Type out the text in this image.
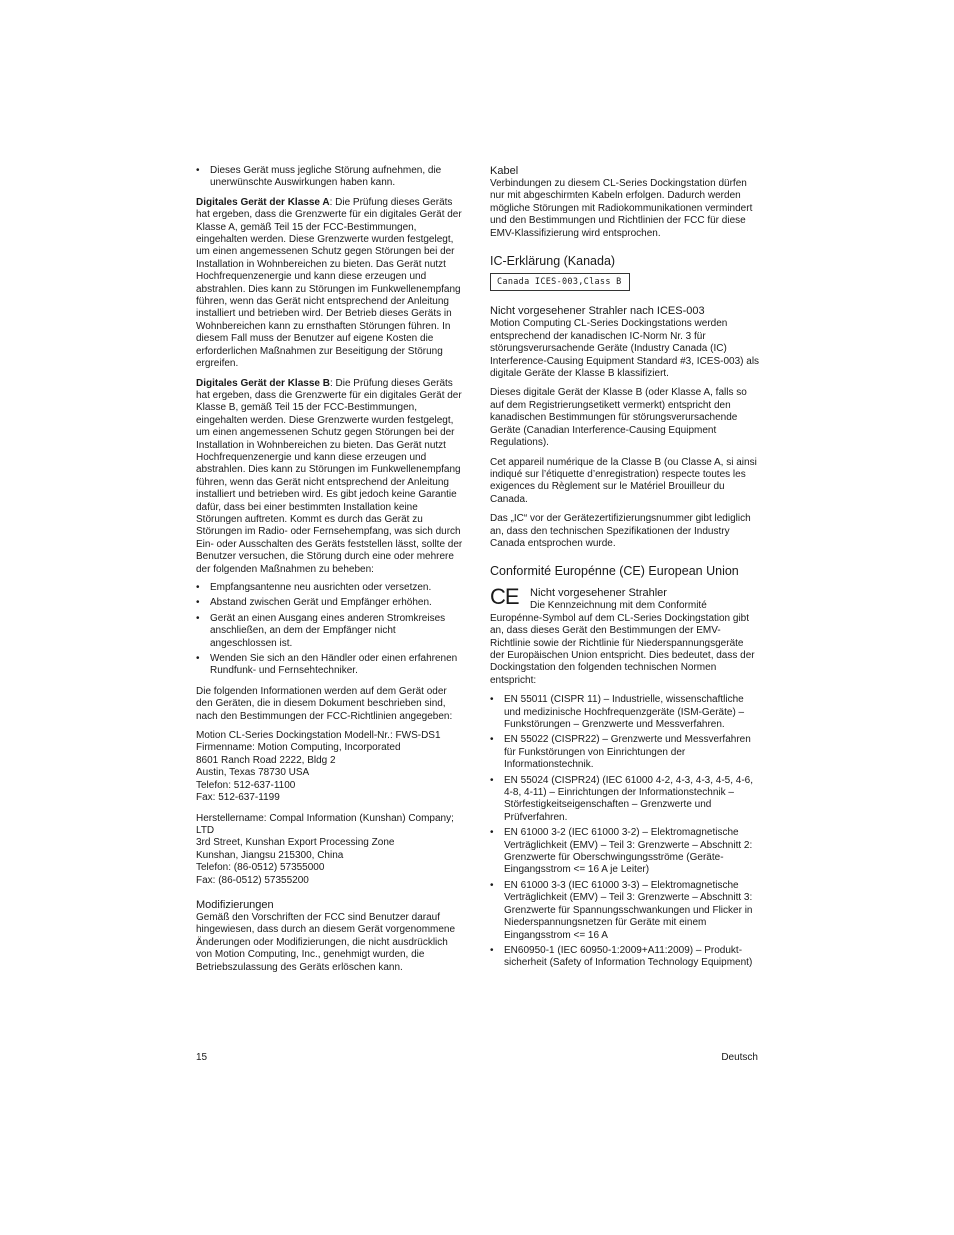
• Dieses Gerät muss jegliche Störung aufnehmen, die unerwünschte Auswirkungen haben kann.

Digitales Gerät der Klasse A: Die Prüfung dieses Geräts hat ergeben, dass die Grenzwerte für ein digitales Gerät der Klasse A, gemäß Teil 15 der FCC-Bestimmungen, eingehalten werden. Diese Grenzwerte wurden festgelegt, um einen angemessenen Schutz gegen Störungen bei der Installation in Wohnbereichen zu bieten. Das Gerät nutzt Hochfrequenzenergie und kann diese erzeugen und abstrahlen. Dies kann zu Störungen im Funkwellenempfang führen, wenn das Gerät nicht entsprechend der Anleitung installiert und betrieben wird. Der Betrieb dieses Geräts in Wohnbereichen kann zu ernsthaften Störungen führen. In diesem Fall muss der Benutzer auf eigene Kosten die erforderlichen Maßnahmen zur Beseitigung der Störung ergreifen.

Digitales Gerät der Klasse B: Die Prüfung dieses Geräts hat ergeben, dass die Grenzwerte für ein digitales Gerät der Klasse B, gemäß Teil 15 der FCC-Bestimmungen, eingehalten werden. Diese Grenzwerte wurden festgelegt, um einen angemessenen Schutz gegen Störungen bei der Installation in Wohnbereichen zu bieten. Das Gerät nutzt Hochfrequenzenergie und kann diese erzeugen und abstrahlen. Dies kann zu Störungen im Funkwellenempfang führen, wenn das Gerät nicht entsprechend der Anleitung installiert und betrieben wird. Es gibt jedoch keine Garantie dafür, dass bei einer bestimmten Installation keine Störungen auftreten. Kommt es durch das Gerät zu Störungen im Radio- oder Fernsehempfang, was sich durch Ein- oder Ausschalten des Geräts feststellen lässt, sollte der Benutzer versuchen, die Störung durch eine oder mehrere der folgenden Maßnahmen zu beheben:

• Empfangsantenne neu ausrichten oder versetzen.
• Abstand zwischen Gerät und Empfänger erhöhen.
• Gerät an einen Ausgang eines anderen Stromkreises anschließen, an dem der Empfänger nicht angeschlossen ist.
• Wenden Sie sich an den Händler oder einen erfahrenen Rundfunk- und Fernsehtechniker.

Die folgenden Informationen werden auf dem Gerät oder den Geräten, die in diesem Dokument beschrieben sind, nach den Bestimmungen der FCC-Richtlinien angegeben:

Motion CL-Series Dockingstation Modell-Nr.: FWS-DS1
Firmenname: Motion Computing, Incorporated
8601 Ranch Road 2222, Bldg 2
Austin, Texas 78730 USA
Telefon: 512-637-1100
Fax: 512-637-1199
Herstellername: Compal Information (Kunshan) Company; LTD
3rd Street, Kunshan Export Processing Zone
Kunshan, Jiangsu 215300, China
Telefon: (86-0512) 57355000
Fax: (86-0512) 57355200
Modifizierungen

Gemäß den Vorschriften der FCC sind Benutzer darauf hingewiesen, dass durch an diesem Gerät vorgenommene Änderungen oder Modifizierungen, die nicht ausdrücklich von Motion Computing, Inc., genehmigt wurden, die Betriebszulassung des Geräts erlöschen kann.

Kabel

Verbindungen zu diesem CL-Series Dockingstation dürfen nur mit abgeschirmten Kabeln erfolgen. Dadurch werden mögliche Störungen mit Radiokommunikationen vermindert und den Bestimmungen und Richtlinien der FCC für diese EMV-Klassifizierung wird entsprochen.

IC-Erklärung (Kanada)
Canada ICES-003,Class B
Nicht vorgesehener Strahler nach ICES-003

Motion Computing CL-Series Dockingstations werden entsprechend der kanadischen IC-Norm Nr. 3 für störungsverursachende Geräte (Industry Canada (IC) Interference-Causing Equipment Standard #3, ICES-003) als digitale Geräte der Klasse B klassifiziert.

Dieses digitale Gerät der Klasse B (oder Klasse A, falls so auf dem Registrierungsetikett vermerkt) entspricht den kanadischen Bestimmungen für störungsverursachende Geräte (Canadian Interference-Causing Equipment Regulations).

Cet appareil numérique de la Classe B (ou Classe A, si ainsi indiqué sur l’étiquette d’enregistration) respecte toutes les exigences du Règlement sur le Matériel Brouilleur du Canada.

Das „IC“ vor der Gerätezertifizierungsnummer gibt lediglich an, dass den technischen Spezifikationen der Industry Canada entsprochen wurde.

Conformité Europénne (CE) European Union
CE	Nicht vorgesehener Strahler

Die Kennzeichnung mit dem Conformité Europénne-Symbol auf dem CL-Series Dockingstation gibt an, dass dieses Gerät den Bestimmungen der EMV-Richtlinie sowie der Richtlinie für Niederspannungsgeräte der Europäischen Union entspricht. Dies bedeutet, dass der Dockingstation den folgenden technischen Normen entspricht:

• EN 55011 (CISPR 11) – Industrielle, wissenschaftliche und medizinische Hochfrequenzgeräte (ISM-Geräte) – Funkstörungen – Grenzwerte und Messverfahren.
• EN 55022 (CISPR22) – Grenzwerte und Messverfahren für Funkstörungen von Einrichtungen der Informationstechnik.
• EN 55024 (CISPR24) (IEC 61000 4-2, 4-3, 4-3, 4-5, 4-6, 4-8, 4-11) – Einrichtungen der Informationstechnik – Störfestigkeitseigenschaften – Grenzwerte und Prüfverfahren.
• EN 61000 3-2 (IEC 61000 3-2) – Elektromagnetische Verträglichkeit (EMV) – Teil 3: Grenzwerte – Abschnitt 2: Grenzwerte für Oberschwingungsströme (Geräte-Eingangsstrom <= 16 A je Leiter)
• EN 61000 3-3 (IEC 61000 3-3) – Elektromagnetische Verträglichkeit (EMV) – Teil 3: Grenzwerte – Abschnitt 3: Grenzwerte für Spannungsschwankungen und Flicker in Niederspannungsnetzen für Geräte mit einem Eingangsstrom <= 16 A
• EN60950-1 (IEC 60950-1:2009+A11:2009) – Produkt-sicherheit (Safety of Information Technology Equipment)
15	Deutsch
